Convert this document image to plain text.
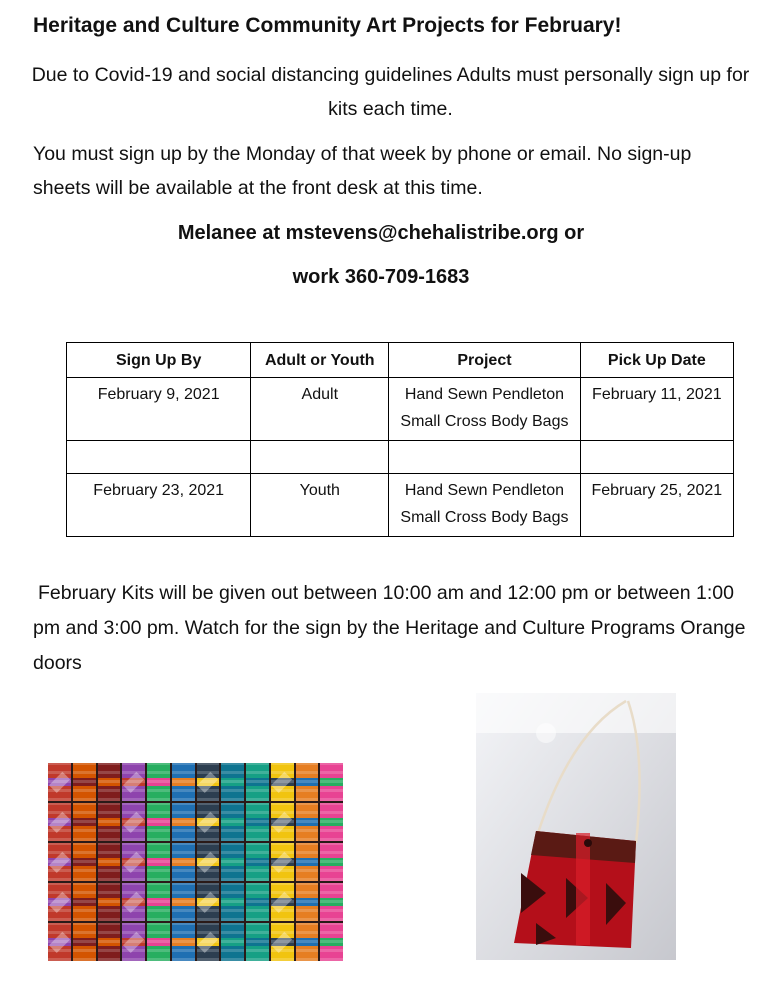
Heritage and Culture Community Art Projects for February!
Due to Covid-19 and social distancing guidelines Adults must personally sign up for kits each time.
You must sign up by the Monday of that week by phone or email. No sign-up sheets will be available at the front desk at this time.
Melanee at mstevens@chehalistribe.org or
work 360-709-1683
Sign Up By	Adult or Youth	Project	Pick Up Date
February 9, 2021	Adult	Hand Sewn Pendleton Small Cross Body Bags	February 11, 2021

February 23, 2021	Youth	Hand Sewn Pendleton Small Cross Body Bags	February 25, 2021
February Kits will be given out between 10:00 am and 12:00 pm or between 1:00 pm and 3:00 pm. Watch for the sign by the Heritage and Culture Programs Orange doors
